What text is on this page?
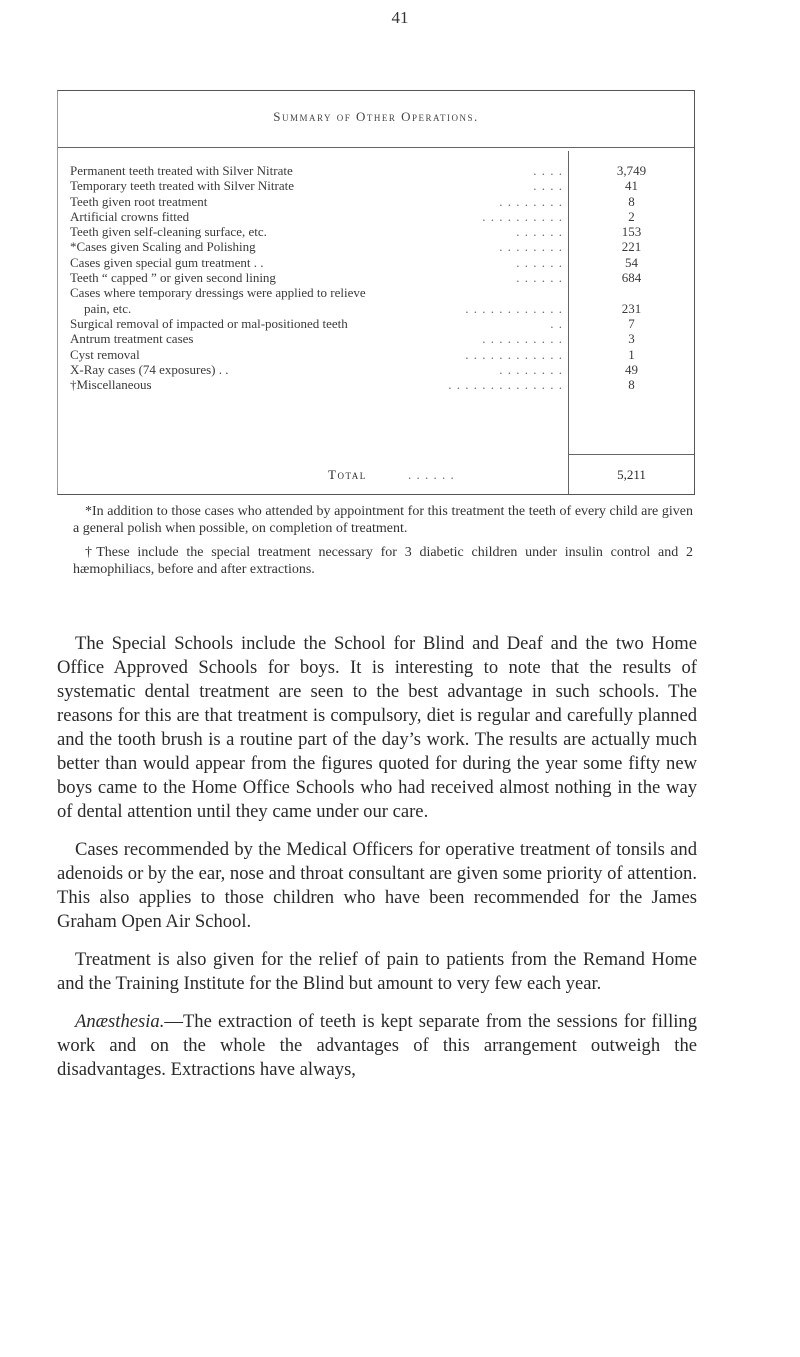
41
Summary of Other Operations.
Permanent teeth treated with Silver Nitrate	. . . .	3,749
Temporary teeth treated with Silver Nitrate	. . . .	41
Teeth given root treatment	. . . . . . . .	8
Artificial crowns fitted	. . . . . . . . . .	2
Teeth given self-cleaning surface, etc.	. . . . . .	153
*Cases given Scaling and Polishing	. . . . . . . .	221
Cases given special gum treatment . .	. . . . . .	54
Teeth “ capped ” or given second lining	. . . . . .	684
Cases where temporary dressings were applied to relieve
pain, etc.	. . . . . . . . . . . .	231
Surgical removal of impacted or mal-positioned teeth	. .	7
Antrum treatment cases	. . . . . . . . . .	3
Cyst removal	. . . . . . . . . . . .	1
X-Ray cases (74 exposures) . .	. . . . . . . .	49
†Miscellaneous	. . . . . . . . . . . . . .	8
Total	. . . . . .	5,211

*In addition to those cases who attended by appointment for this treatment the teeth of every child are given a general polish when possible, on completion of treatment.

†These include the special treatment necessary for 3 diabetic children under insulin control and 2 hæmophiliacs, before and after extractions.

The Special Schools include the School for Blind and Deaf and the two Home Office Approved Schools for boys. It is interesting to note that the results of systematic dental treatment are seen to the best advantage in such schools. The reasons for this are that treatment is compulsory, diet is regular and carefully planned and the tooth brush is a routine part of the day’s work. The results are actually much better than would appear from the figures quoted for during the year some fifty new boys came to the Home Office Schools who had received almost nothing in the way of dental attention until they came under our care.

Cases recommended by the Medical Officers for operative treatment of tonsils and adenoids or by the ear, nose and throat consultant are given some priority of attention. This also applies to those children who have been recommended for the James Graham Open Air School.

Treatment is also given for the relief of pain to patients from the Remand Home and the Training Institute for the Blind but amount to very few each year.

Anæsthesia.—The extraction of teeth is kept separate from the sessions for filling work and on the whole the advantages of this arrangement outweigh the disadvantages. Extractions have always,
